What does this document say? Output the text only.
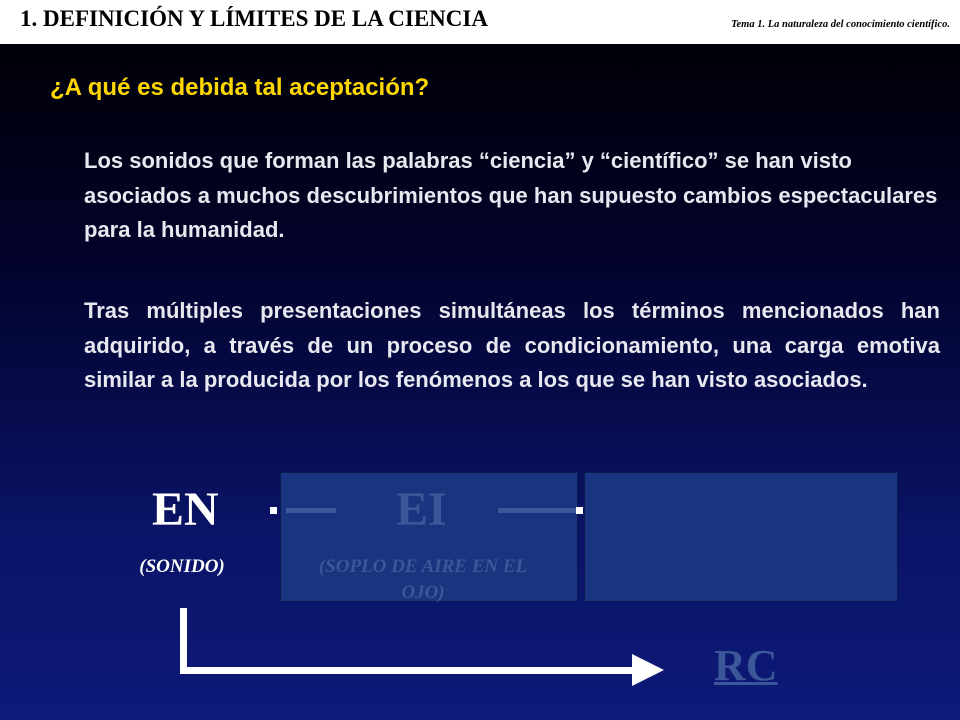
1. DEFINICIÓN Y LÍMITES DE LA CIENCIA	Tema 1. La naturaleza del conocimiento científico.
¿A qué es debida tal aceptación?
Los sonidos que forman las palabras “ciencia” y “científico” se han visto asociados a muchos descubrimientos que han supuesto cambios espectaculares para la humanidad.
Tras múltiples presentaciones simultáneas los términos mencionados han adquirido, a través de un proceso de condicionamiento, una carga emotiva similar a la producida por los fenómenos a los que se han visto asociados.
EN	EI
(SONIDO)	(SOPLO DE AIRE EN EL OJO)
RC
